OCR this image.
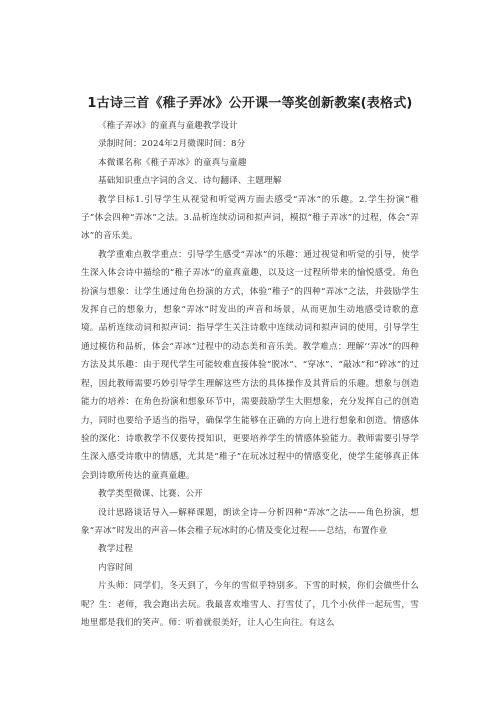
1古诗三首《稚子弄冰》公开课一等奖创新教案(表格式)

《稚子弄冰》的童真与童趣教学设计

录制时间：2024年2月微课时间：8分

本微课名称《稚子弄冰》的童真与童趣

基础知识重点字词的含义、诗句翻译、主题理解

教学目标1.引导学生从视觉和听觉两方面去感受“弄冰”的乐趣。2.学生扮演“稚子”体会四种“弄冰”之法。3.品析连续动词和拟声词，模拟“稚子弄冰”的过程，体会“弄冰”的音乐美。

教学重难点教学重点：引导学生感受“弄冰”的乐趣：通过视觉和听觉的引导，使学生深入体会诗中描绘的“稚子弄冰”的童真童趣，以及这一过程所带来的愉悦感受。角色扮演与想象：让学生通过角色扮演的方式，体验“稚子”的四种“弄冰”之法，并鼓励学生发挥自己的想象力，想象“弄冰”时发出的声音和场景，从而更加生动地感受诗歌的意境。品析连续动词和拟声词：指导学生关注诗歌中连续动词和拟声词的使用，引导学生通过模仿和品析，体会“弄冰”过程中的动态美和音乐美。教学难点：理解‘‘弄冰”的四种方法及其乐趣：由于现代学生可能较难直接体验“脱冰”、“穿冰”、“敲冰”和“碎冰”的过程，因此教师需要巧妙引导学生理解这些方法的具体操作及其背后的乐趣。想象与创造能力的培养：在角色扮演和想象环节中，需要鼓励学生大胆想象，充分发挥自己的创造力，同时也要给予适当的指导，确保学生能够在正确的方向上进行想象和创造。情感体验的深化：诗歌教学不仅要传授知识，更要培养学生的情感体验能力。教师需要引导学生深入感受诗歌中的情感，尤其是“稚子”在玩冰过程中的情感变化，使学生能够真正体会到诗歌所传达的童真童趣。

教学类型微课、比赛、公开

设计思路谈话导入—解释课题，朗读全诗—分析四种“弄冰”之法——角色扮演，想象“弄冰”时发出的声音—体会稚子玩冰时的心情及变化过程——总结，布置作业

教学过程

内容时间

片头师：同学们，冬天到了，今年的雪似乎特别多。下雪的时候，你们会做些什么呢？生：老师，我会跑出去玩。我最喜欢堆雪人、打雪仗了，几个小伙伴一起玩雪，雪地里都是我们的笑声。师：听着就很美好，让人心生向往。有这么
